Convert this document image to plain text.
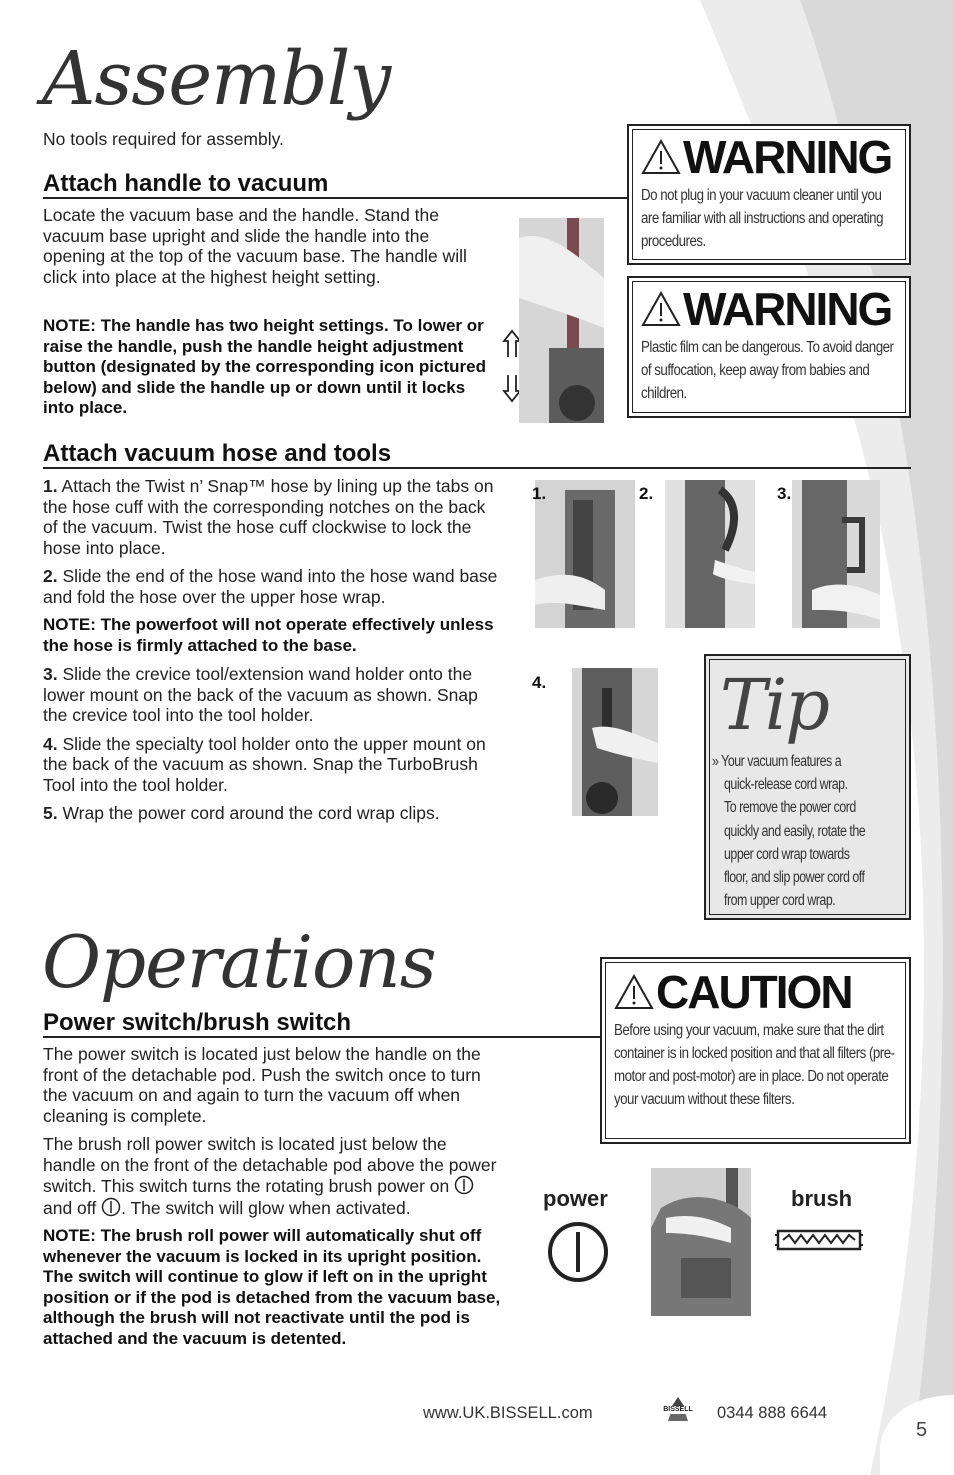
Assembly
No tools required for assembly.
Attach handle to vacuum
Locate the vacuum base and the handle. Stand the vacuum base upright and slide the handle into the opening at the top of the vacuum base. The handle will click into place at the highest height setting.
NOTE: The handle has two height settings. To lower or raise the handle, push the handle height adjustment button (designated by the corresponding icon pictured below) and slide the handle up or down until it locks into place.
WARNING
Do not plug in your vacuum cleaner until you are familiar with all instructions and operating procedures.
WARNING
Plastic film can be dangerous. To avoid danger of suffocation, keep away from babies and children.
Attach vacuum hose and tools
1. Attach the Twist n’ Snap™ hose by lining up the tabs on the hose cuff with the corresponding notches on the back of the vacuum. Twist the hose cuff clockwise to lock the hose into place.
2. Slide the end of the hose wand into the hose wand base and fold the hose over the upper hose wrap.
NOTE: The powerfoot will not operate effectively unless the hose is firmly attached to the base.
3. Slide the crevice tool/extension wand holder onto the lower mount on the back of the vacuum as shown. Snap the crevice tool into the tool holder.
4. Slide the specialty tool holder onto the upper mount on the back of the vacuum as shown. Snap the TurboBrush Tool into the tool holder.
5. Wrap the power cord around the cord wrap clips.
1.	2.	3.
4. Tip
» Your vacuum features a
quick-release cord wrap.
To remove the power cord
quickly and easily, rotate the
upper cord wrap towards
floor, and slip power cord off
from upper cord wrap.
Operations
Power switch/brush switch
The power switch is located just below the handle on the front of the detachable pod. Push the switch once to turn the vacuum on and again to turn the vacuum off when cleaning is complete.
The brush roll power switch is located just below the handle on the front of the detachable pod above the power switch. This switch turns the rotating brush power on  and off . The switch will glow when activated.
NOTE: The brush roll power will automatically shut off whenever the vacuum is locked in its upright position. The switch will continue to glow if left on in the upright position or if the pod is detached from the vacuum base, although the brush will not reactivate until the pod is attached and the vacuum is detented.
CAUTION
Before using your vacuum, make sure that the dirt container is in locked position and that all filters (pre-motor and post-motor) are in place. Do not operate your vacuum without these filters.
power	brush
www.UK.BISSELL.com	BISSELL	0344 888 6644
5
